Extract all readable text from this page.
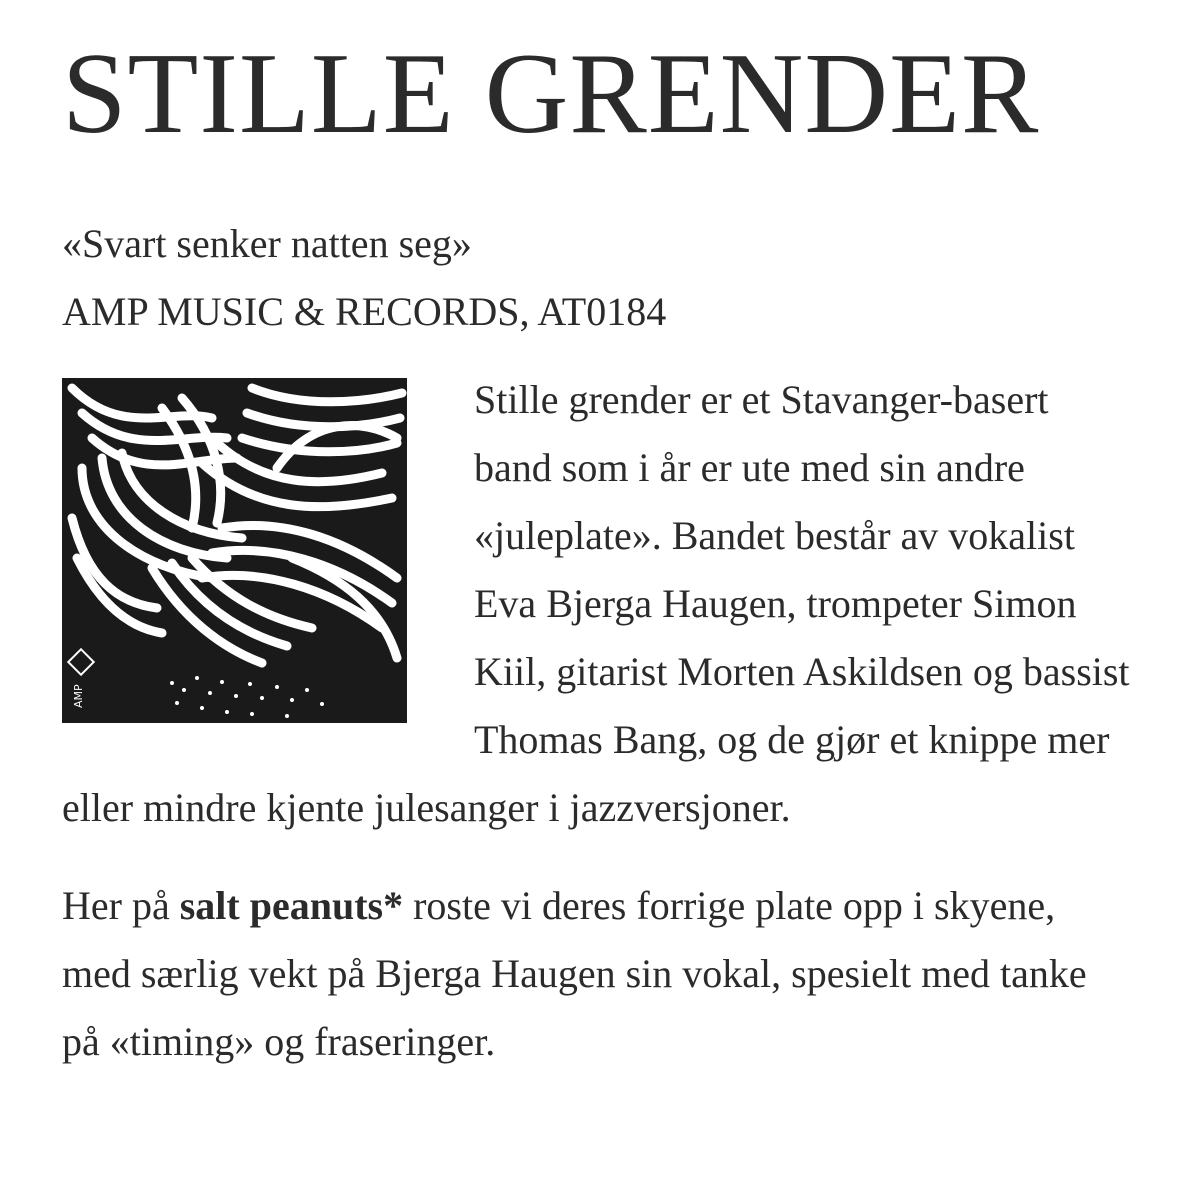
STILLE GRENDER
«Svart senker natten seg»
AMP MUSIC & RECORDS, AT0184
AMP

Stille grender er et Stavanger-basert band som i år er ute med sin andre «juleplate». Bandet består av vokalist Eva Bjerga Haugen, trompeter Simon Kiil, gitarist Morten Askildsen og bassist Thomas Bang, og de gjør et knippe mer eller mindre kjente julesanger i jazzversjoner.

Her på salt peanuts* roste vi deres forrige plate opp i skyene, med særlig vekt på Bjerga Haugen sin vokal, spesielt med tanke på «timing» og fraseringer.
